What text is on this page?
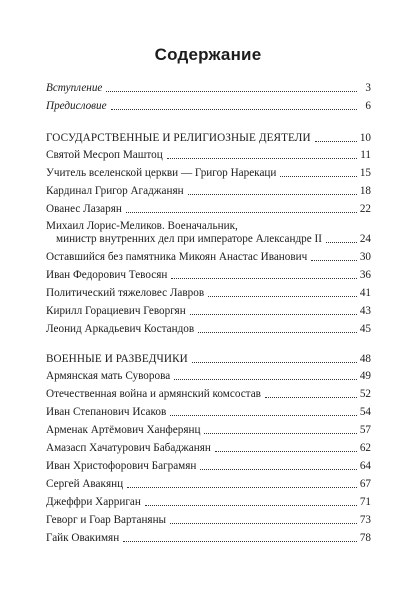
Содержание
Вступление	3
Предисловие	6
ГОСУДАРСТВЕННЫЕ И РЕЛИГИОЗНЫЕ ДЕЯТЕЛИ	10
Святой Месроп Маштоц	11
Учитель вселенской церкви — Григор Нарекаци	15
Кардинал Григор Агаджанян	18
Ованес Лазарян	22
Михаил Лорис-Меликов. Военачальник,
министр внутренних дел при императоре Александре II	24
Оставшийся без памятника Микоян Анастас Иванович	30
Иван Федорович Тевосян	36
Политический тяжеловес Лавров	41
Кирилл Горациевич Геворгян	43
Леонид Аркадьевич Костандов	45
ВОЕННЫЕ И РАЗВЕДЧИКИ	48
Армянская мать Суворова	49
Отечественная война и армянский комсостав	52
Иван Степанович Исаков	54
Арменак Артёмович Ханферянц	57
Амазасп Хачатурович Бабаджанян	62
Иван Христофорович Баграмян	64
Сергей Авакянц	67
Джеффри Харриган	71
Геворг и Гоар Вартаняны	73
Гайк Овакимян	78
